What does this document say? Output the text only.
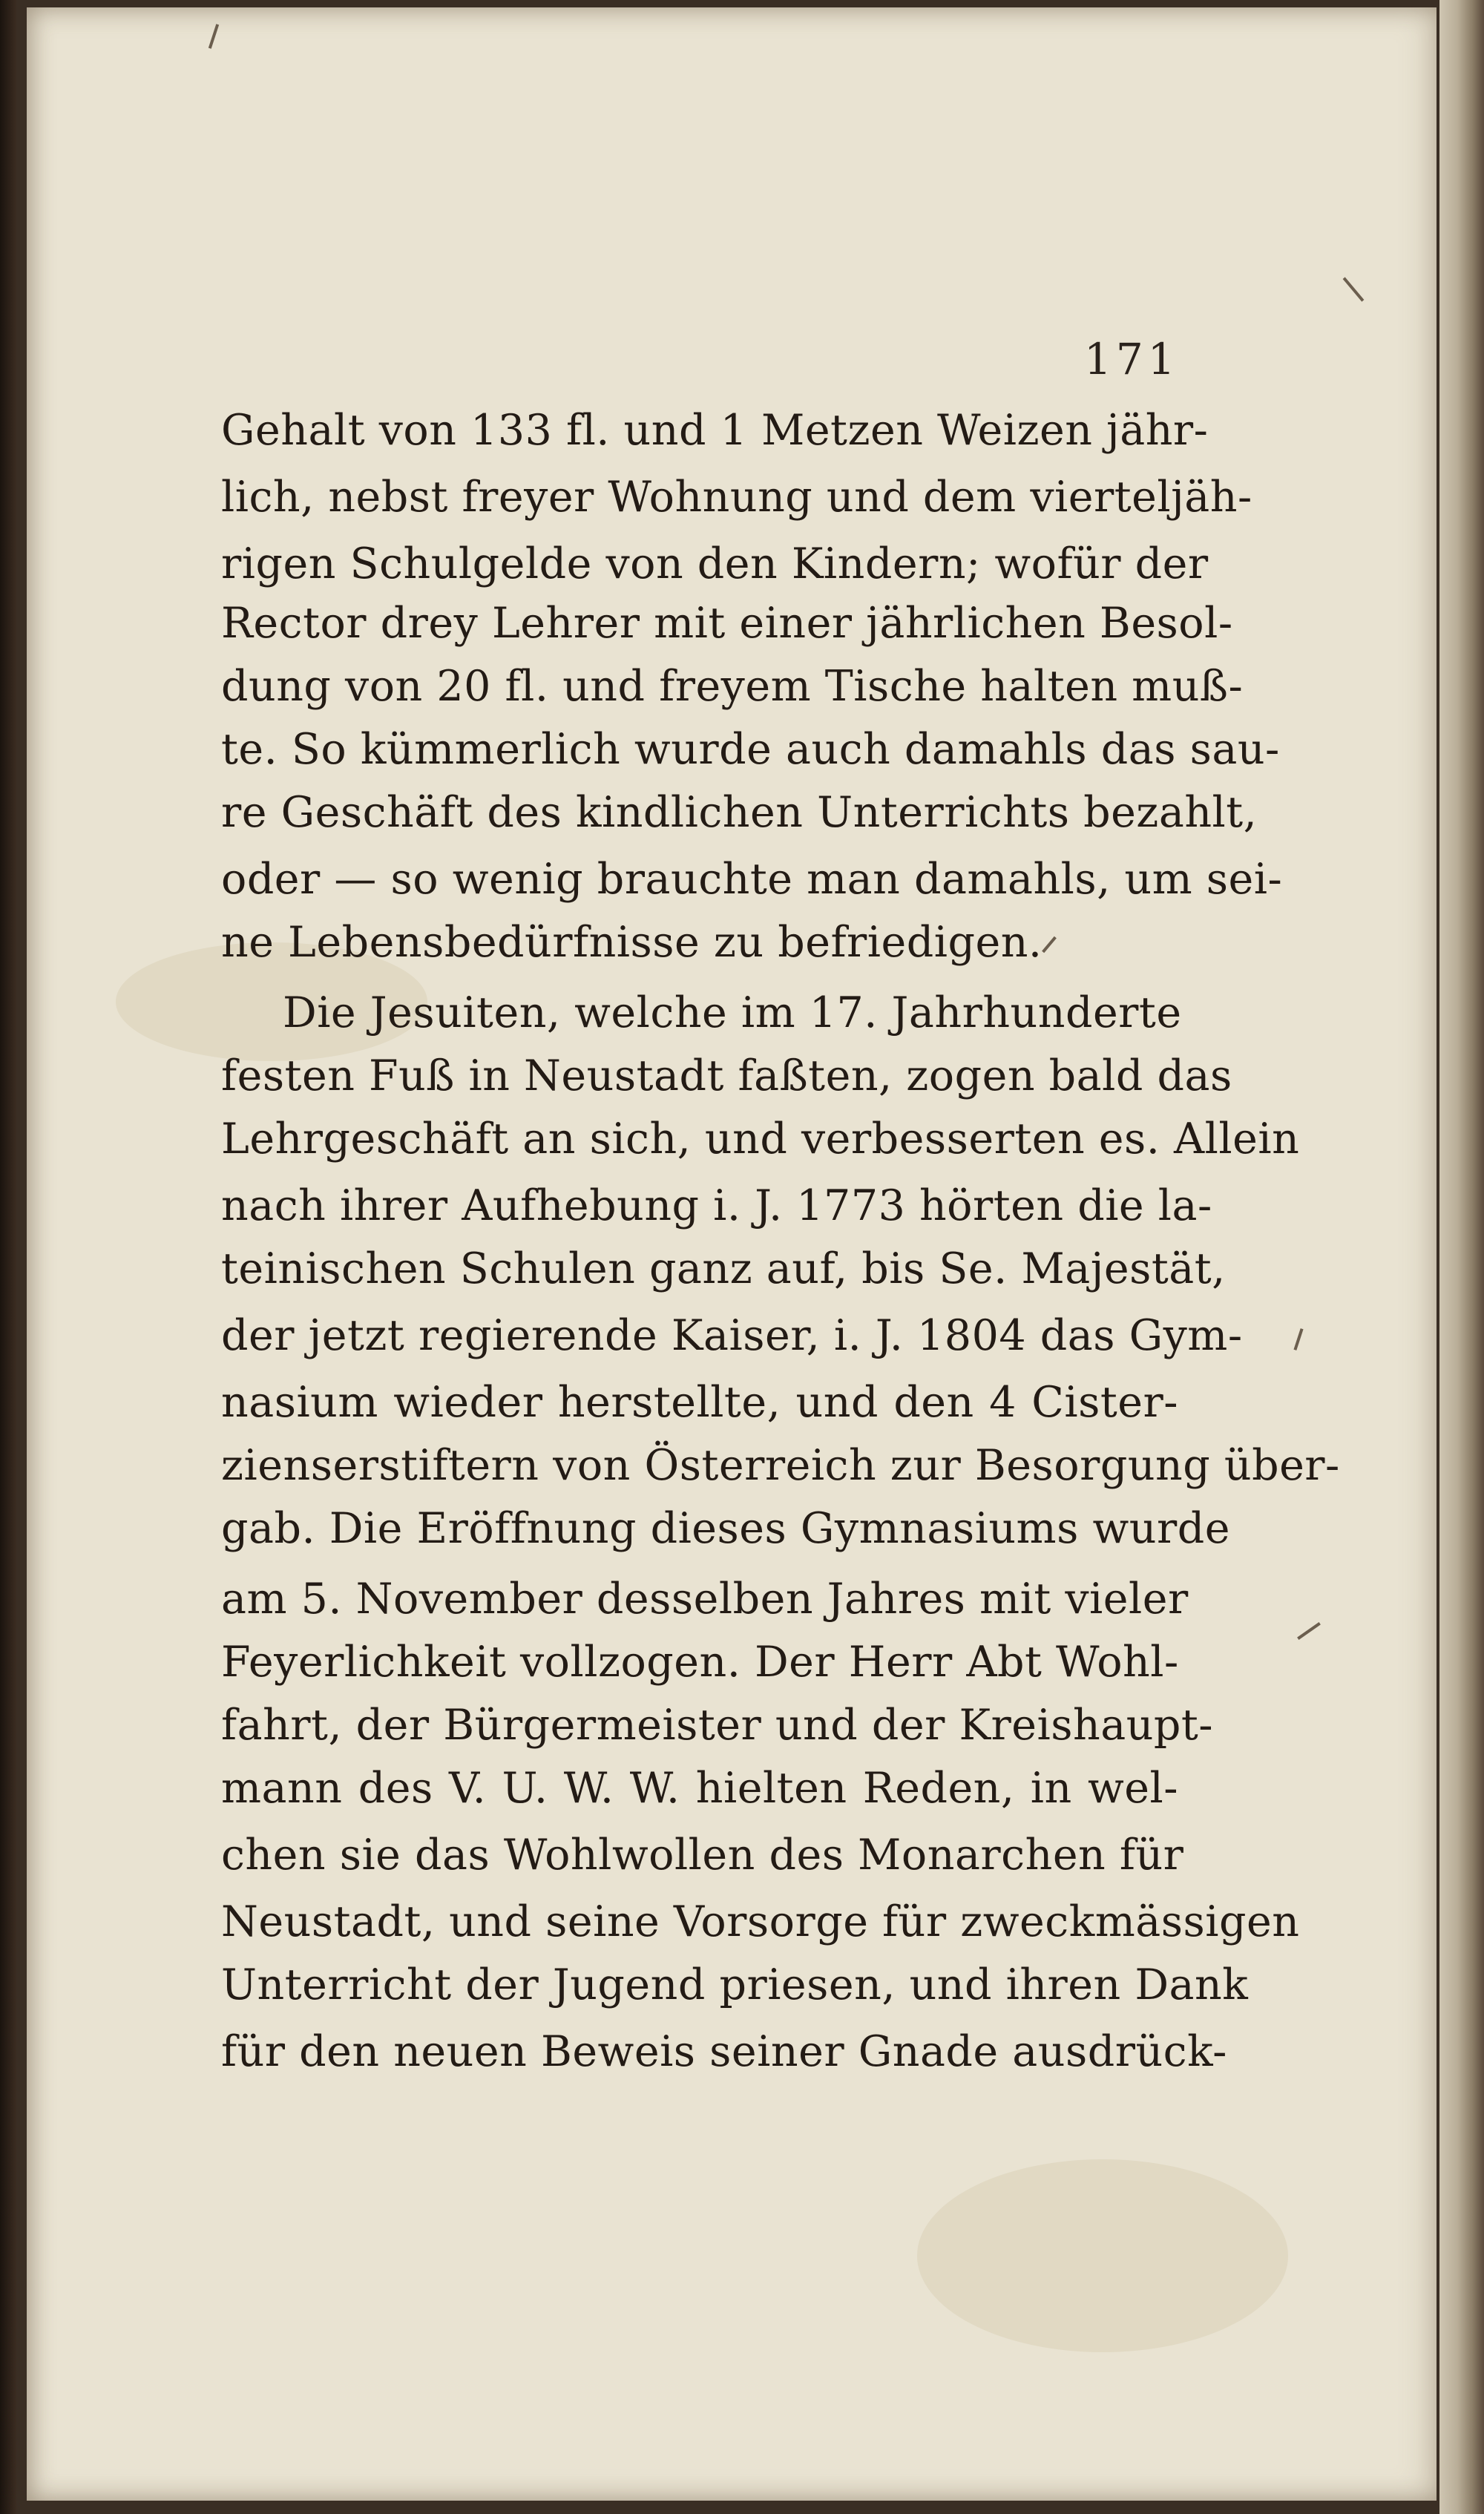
171
Gehalt von 133 fl. und 1 Metzen Weizen jähr-
lich, nebst freyer Wohnung und dem vierteljäh-
rigen Schulgelde von den Kindern; wofür der
Rector drey Lehrer mit einer jährlichen Besol-
dung von 20 fl. und freyem Tische halten muß-
te. So kümmerlich wurde auch damahls das sau-
re Geschäft des kindlichen Unterrichts bezahlt,
oder — so wenig brauchte man damahls, um sei-
ne Lebensbedürfnisse zu befriedigen.
Die Jesuiten, welche im 17. Jahrhunderte
festen Fuß in Neustadt faßten, zogen bald das
Lehrgeschäft an sich, und verbesserten es. Allein
nach ihrer Aufhebung i. J. 1773 hörten die la-
teinischen Schulen ganz auf, bis Se. Majestät,
der jetzt regierende Kaiser, i. J. 1804 das Gym-
nasium wieder herstellte, und den 4 Cister-
zienserstiftern von Österreich zur Besorgung über-
gab. Die Eröffnung dieses Gymnasiums wurde
am 5. November desselben Jahres mit vieler
Feyerlichkeit vollzogen. Der Herr Abt Wohl-
fahrt, der Bürgermeister und der Kreishaupt-
mann des V. U. W. W. hielten Reden, in wel-
chen sie das Wohlwollen des Monarchen für
Neustadt, und seine Vorsorge für zweckmässigen
Unterricht der Jugend priesen, und ihren Dank
für den neuen Beweis seiner Gnade ausdrück-
